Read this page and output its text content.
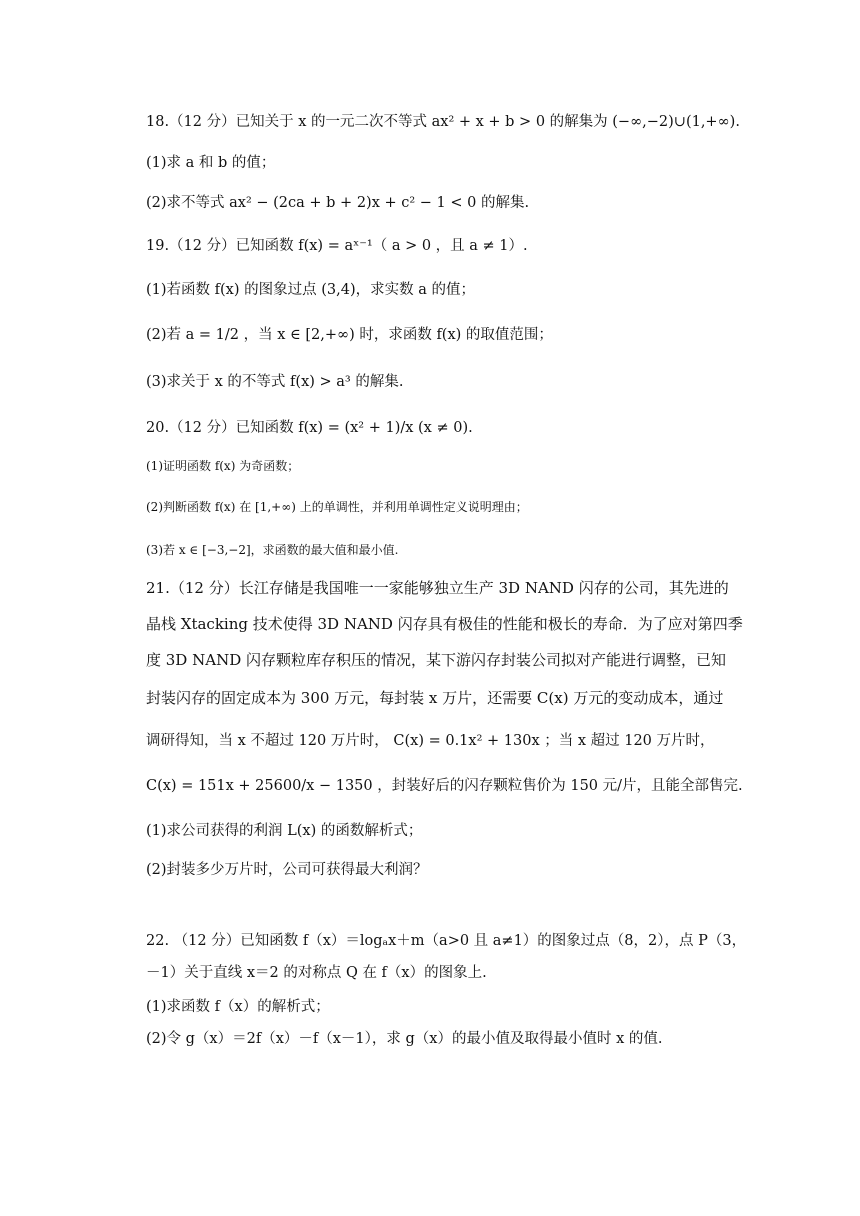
18.（12 分）已知关于 x 的一元二次不等式 ax² + x + b > 0 的解集为 (−∞,−2)∪(1,+∞).
(1)求 a 和 b 的值；
(2)求不等式 ax² − (2ca + b + 2)x + c² − 1 < 0 的解集.
19.（12 分）已知函数 f(x) = aˣ⁻¹（ a > 0 ，且 a ≠ 1）.
(1)若函数 f(x) 的图象过点 (3,4)，求实数 a 的值；
(2)若 a = 1/2 ，当 x ∈ [2,+∞) 时，求函数 f(x) 的取值范围；
(3)求关于 x 的不等式 f(x) > a³ 的解集.
20.（12 分）已知函数 f(x) = (x² + 1)/x (x ≠ 0).
(1)证明函数 f(x) 为奇函数；
(2)判断函数 f(x) 在 [1,+∞) 上的单调性，并利用单调性定义说明理由；
(3)若 x ∈ [−3,−2]，求函数的最大值和最小值.
21.（12 分）长江存储是我国唯一一家能够独立生产 3D NAND 闪存的公司，其先进的
晶栈 Xtacking 技术使得 3D NAND 闪存具有极佳的性能和极长的寿命．为了应对第四季
度 3D NAND 闪存颗粒库存积压的情况，某下游闪存封装公司拟对产能进行调整，已知
封装闪存的固定成本为 300 万元，每封装 x 万片，还需要 C(x) 万元的变动成本，通过
调研得知，当 x 不超过 120 万片时， C(x) = 0.1x² + 130x ；当 x 超过 120 万片时，
C(x) = 151x + 25600/x − 1350 ，封装好后的闪存颗粒售价为 150 元/片，且能全部售完.
(1)求公司获得的利润 L(x) 的函数解析式；
(2)封装多少万片时，公司可获得最大利润？
22. （12 分）已知函数 f（x）＝logₐx＋m（a>0 且 a≠1）的图象过点（8，2），点 P（3，
－1）关于直线 x＝2 的对称点 Q 在 f（x）的图象上.
(1)求函数 f（x）的解析式；
(2)令 g（x）＝2f（x）－f（x－1），求 g（x）的最小值及取得最小值时 x 的值.
